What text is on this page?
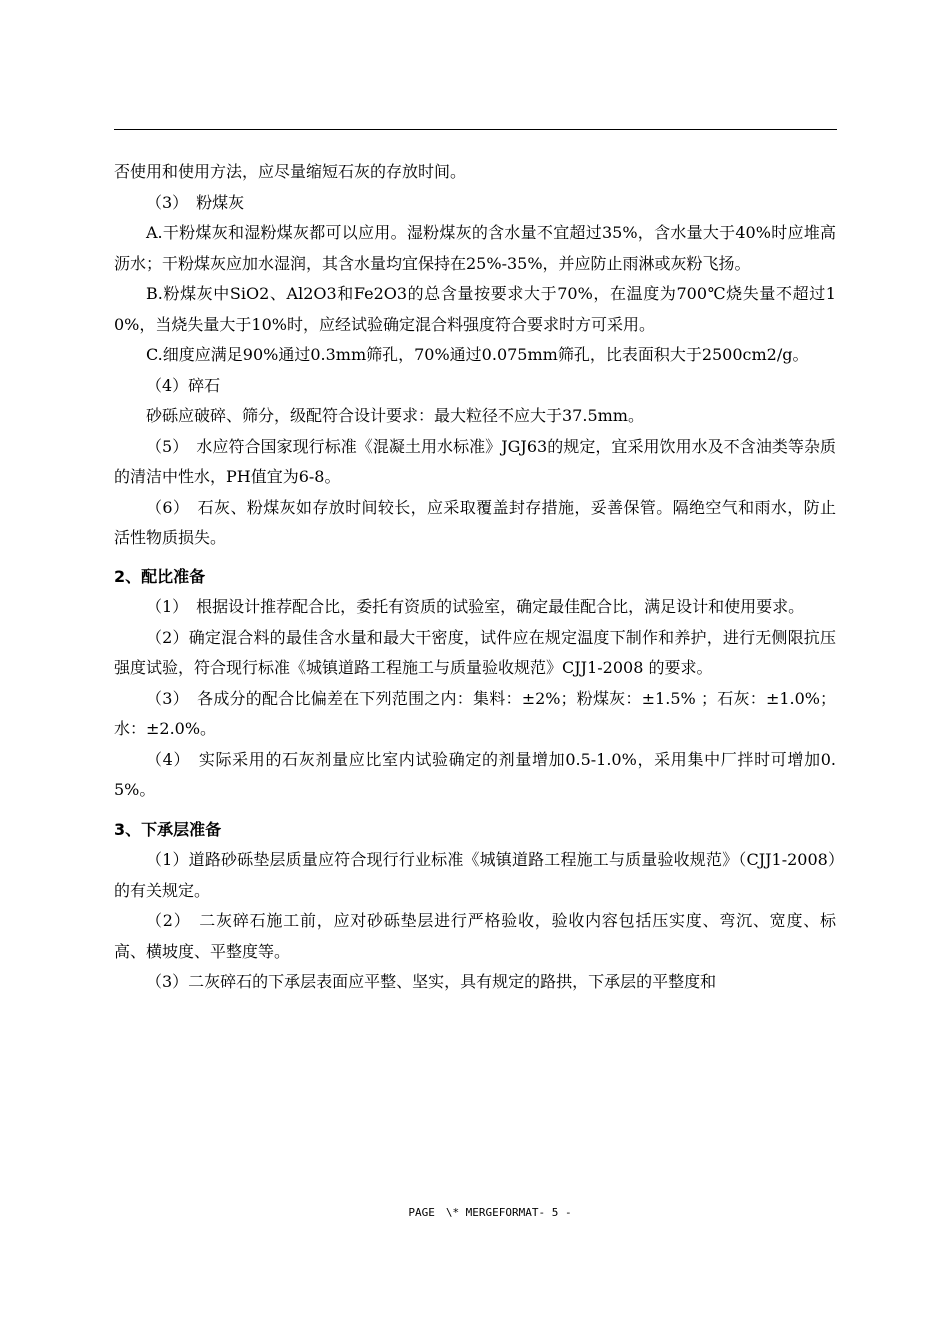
否使用和使用方法，应尽量缩短石灰的存放时间。

（3）　粉煤灰

A.干粉煤灰和湿粉煤灰都可以应用。湿粉煤灰的含水量不宜超过35%，含水量大于40%时应堆高沥水；干粉煤灰应加水湿润，其含水量均宜保持在25%-35%，并应防止雨淋或灰粉飞扬。

B.粉煤灰中SiO2、Al2O3和Fe2O3的总含量按要求大于70%，在温度为700℃烧失量不超过10%，当烧失量大于10%时，应经试验确定混合料强度符合要求时方可采用。

C.细度应满足90%通过0.3mm筛孔，70%通过0.075mm筛孔，比表面积大于2500cm2/g。

（4）碎石

砂砾应破碎、筛分，级配符合设计要求：最大粒径不应大于37.5mm。

（5）　水应符合国家现行标准《混凝土用水标准》JGJ63的规定，宜采用饮用水及不含油类等杂质的清洁中性水，PH值宜为6-8。

（6）　石灰、粉煤灰如存放时间较长，应采取覆盖封存措施，妥善保管。隔绝空气和雨水，防止活性物质损失。

2、配比准备

（1）　根据设计推荐配合比，委托有资质的试验室，确定最佳配合比，满足设计和使用要求。

（2）确定混合料的最佳含水量和最大干密度，试件应在规定温度下制作和养护，进行无侧限抗压强度试验，符合现行标准《城镇道路工程施工与质量验收规范》CJJ1-2008 的要求。

（3）　各成分的配合比偏差在下列范围之内：集料：±2%；粉煤灰：±1.5% ；石灰：±1.0%；水：±2.0%。

（4）　实际采用的石灰剂量应比室内试验确定的剂量增加0.5-1.0%，采用集中厂拌时可增加0.5%。

3、下承层准备

（1）道路砂砾垫层质量应符合现行行业标准《城镇道路工程施工与质量验收规范》（CJJ1-2008）的有关规定。

（2）　二灰碎石施工前，应对砂砾垫层进行严格验收，验收内容包括压实度、弯沉、宽度、标高、横坡度、平整度等。

（3）二灰碎石的下承层表面应平整、坚实，具有规定的路拱，下承层的平整度和

PAGE　\* MERGEFORMAT- 5 -
